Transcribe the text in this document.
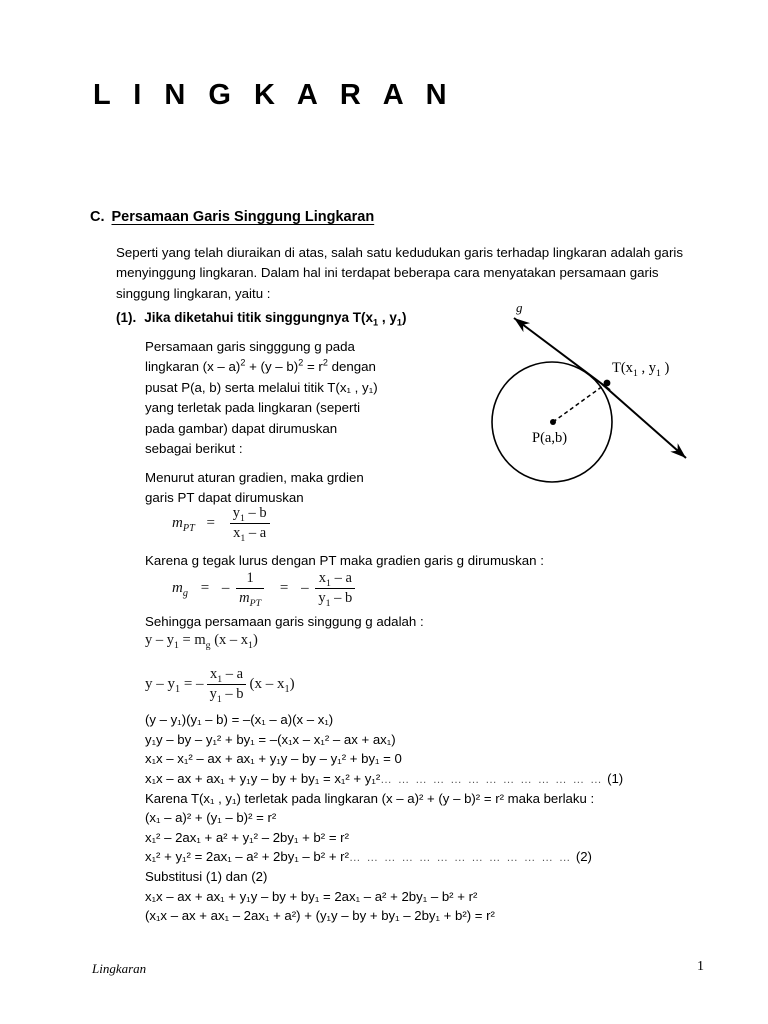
L I N G K A R A N
C. Persamaan Garis Singgung Lingkaran
Seperti yang telah diuraikan di atas, salah satu kedudukan garis terhadap lingkaran adalah garis menyinggung lingkaran. Dalam hal ini terdapat beberapa cara menyatakan persamaan garis singgung lingkaran, yaitu :
(1). Jika diketahui titik singgungnya $T(x_1$ , $y_1$)
Persamaan garis singggung g pada
lingkaran $(x - a)^2 + (y - b)^2 = r^2$ dengan
pusat P(a, b) serta melalui titik T(x₁ , y₁)
yang terletak pada lingkaran (seperti
pada gambar) dapat dirumuskan
sebagai berikut :
Menurut aturan gradien, maka grdien
garis PT dapat dirumuskan
$m_{PT} = \frac{y_1 - b}{x_1 - a}$
Karena g tegak lurus dengan PT maka gradien garis g dirumuskan :
$m_g$ = – $\frac{1}{m_{PT}}$ = – $\frac{x_1 - a}{y_1 - b}$
Sehingga persamaan garis singgung g adalah :
$y - y_1 = m_g$ $(x - x_1)$
y – $y_1$ = – $\frac{x_1 - a}{y_1 - b} (x - x_1)$
(y – y₁)(y₁ – b) = –(x₁ – a)(x – x₁)
y₁y – by – y₁² + by₁ = –(x₁x – x₁² – ax + ax₁)
x₁x – x₁² – ax + ax₁ + y₁y – by – y₁² + by₁ = 0
x₁x – ax + ax₁ + y₁y – by + by₁ = x₁² + y₁²… … … … … … … … … … … … … (1)
Karena T(x₁ , y₁) terletak pada lingkaran (x – a)² + (y – b)² = r² maka berlaku :
(x₁ – a)² + (y₁ – b)² = r²
x₁² – 2ax₁ + a² + y₁² – 2by₁ + b² = r²
x₁² + y₁² = 2ax₁ – a² + 2by₁ – b² + r²… … … … … … … … … … … … … (2)
Substitusi (1) dan (2)
x₁x – ax + ax₁ + y₁y – by + by₁ = 2ax₁ – a² + 2by₁ – b² + r²
(x₁x – ax + ax₁ – 2ax₁ + a²) + (y₁y – by + by₁ – 2by₁ + b²) = r²
g
$T(x_1$ , $y_1$ )
P(a,b)
Lingkaran	1
